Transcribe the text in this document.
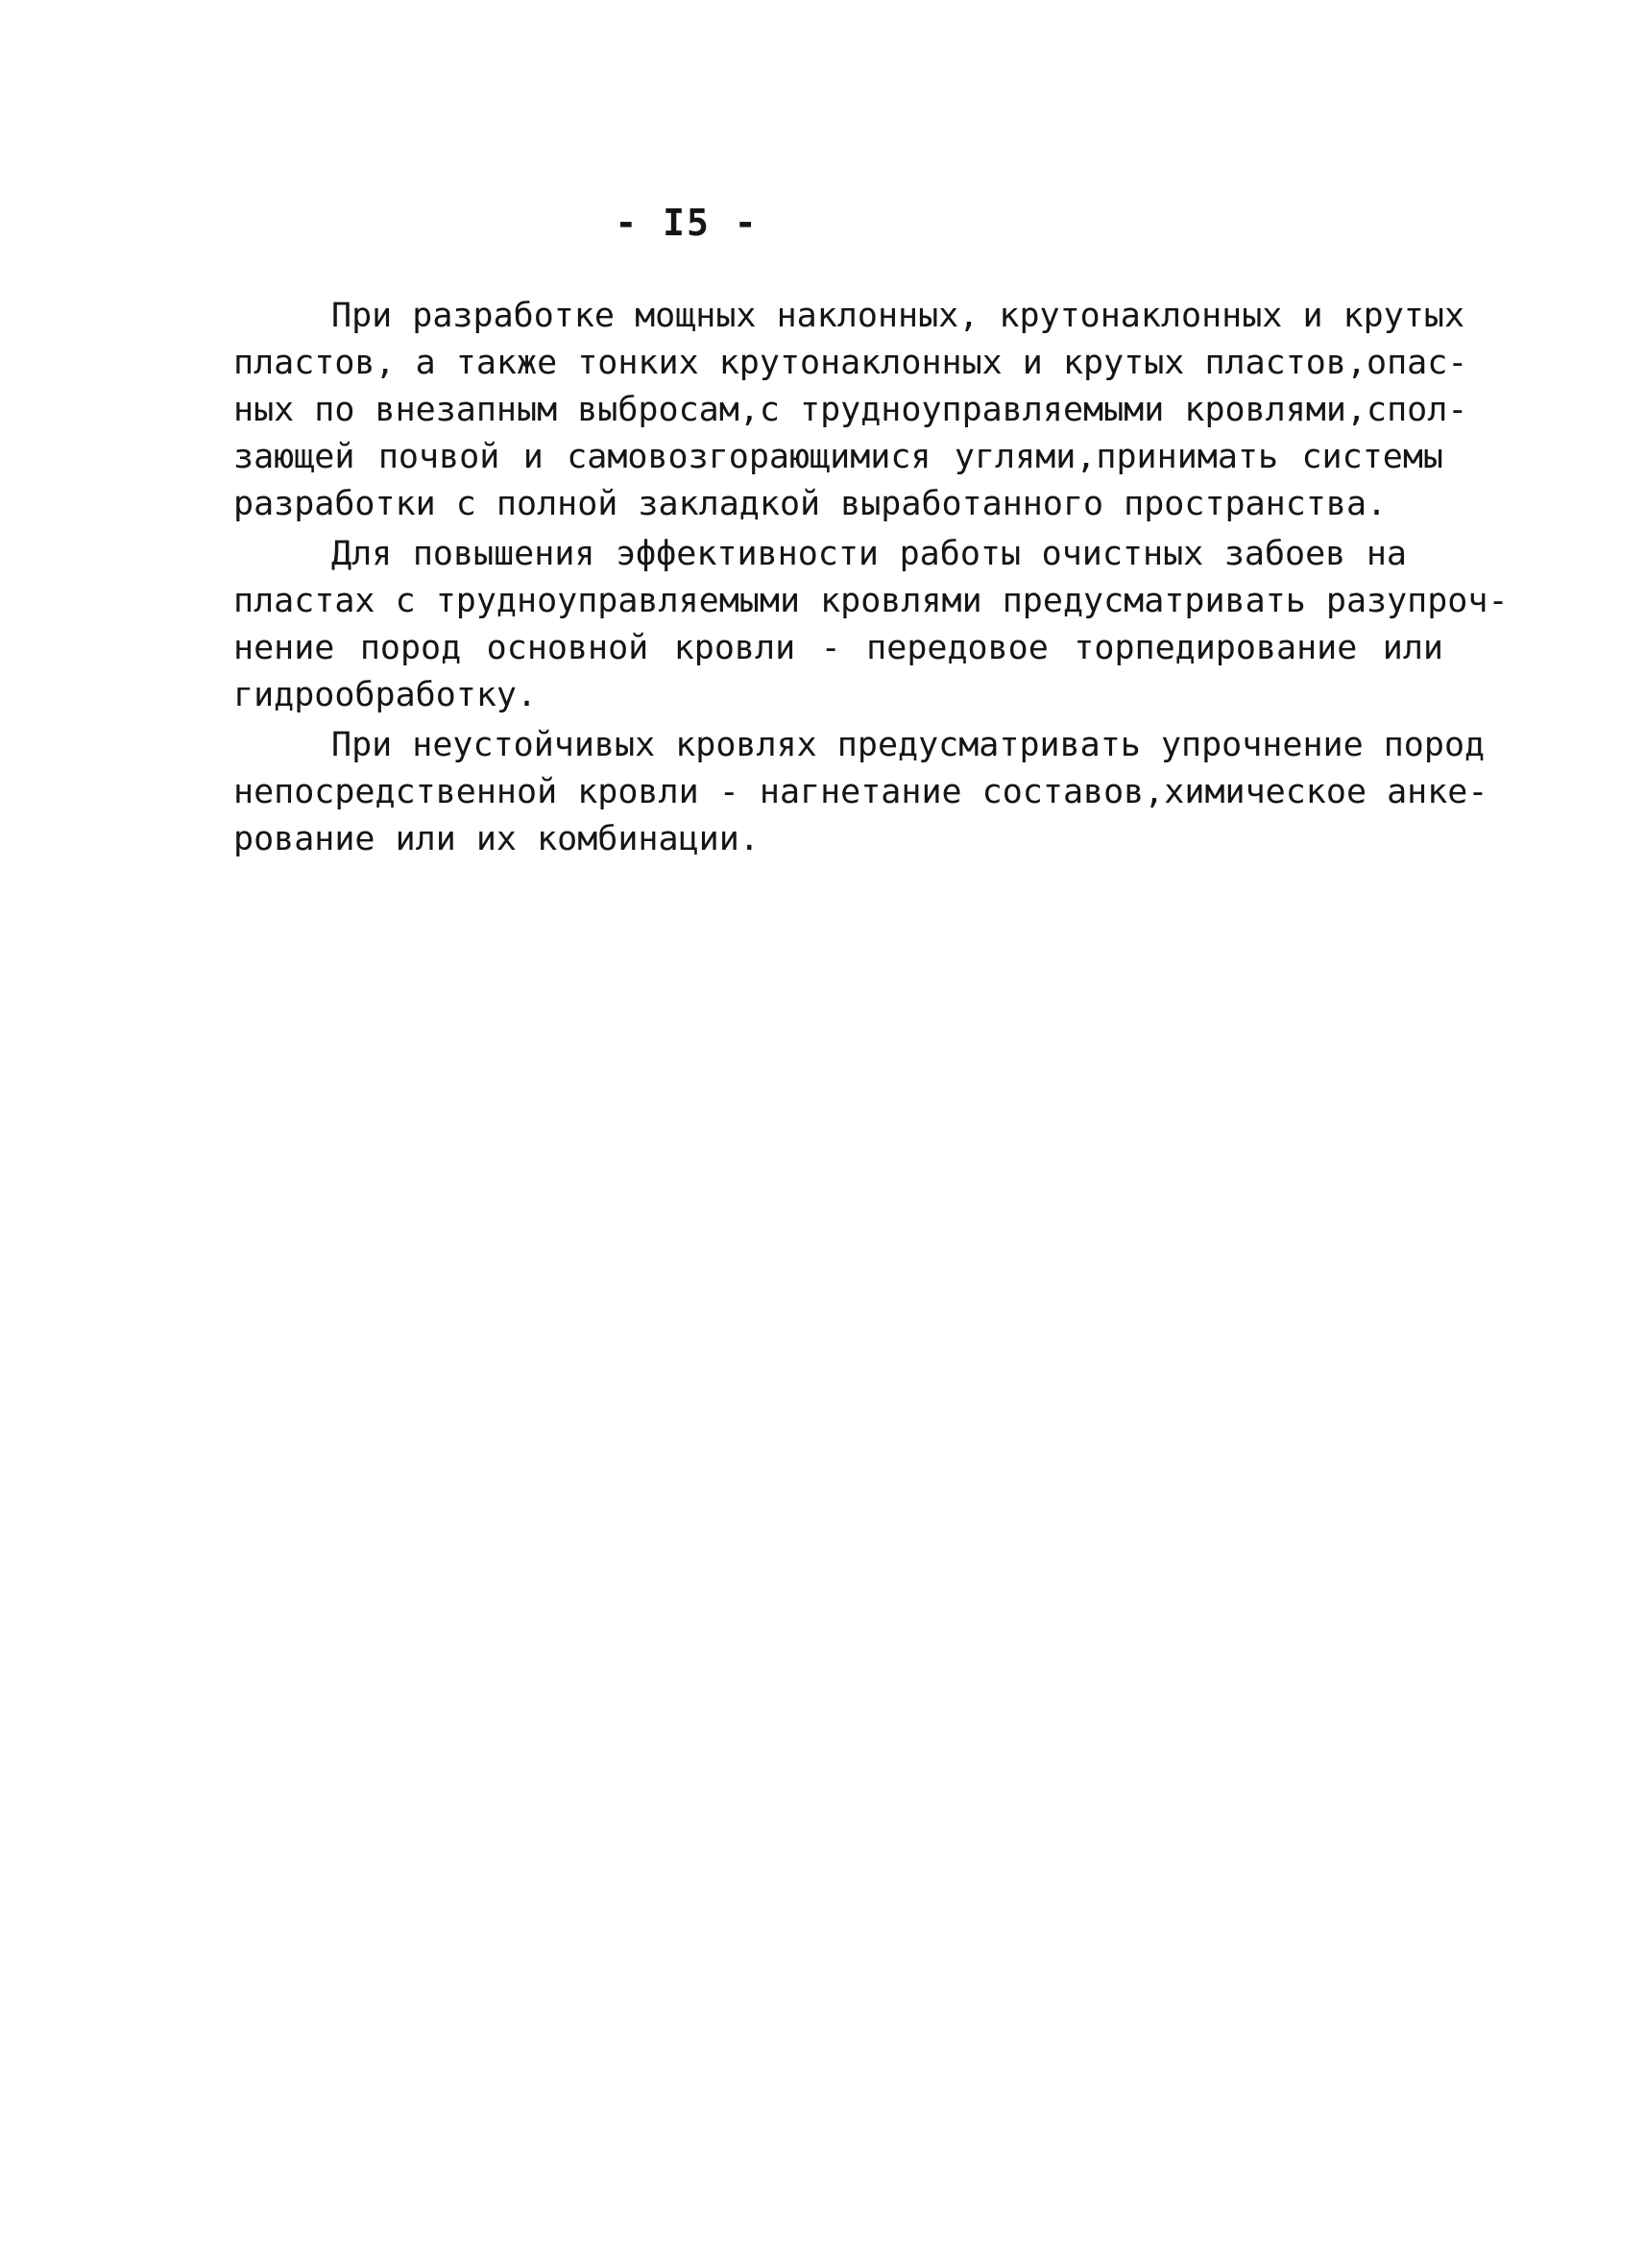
- I5 -
При разработке мощных наклонных, крутонаклонных и крутых
пластов, а также тонких крутонаклонных и крутых пластов,опас-
ных по внезапным выбросам,с трудноуправляемыми кровлями,спол-
зающей почвой и самовозгорающимися углями,принимать системы
разработки с полной закладкой выработанного пространства.
Для повышения эффективности работы очистных забоев на
пластах с трудноуправляемыми кровлями предусматривать разупроч-
нение пород основной кровли - передовое торпедирование или
гидрообработку.
При неустойчивых кровлях предусматривать упрочнение пород
непосредственной кровли - нагнетание составов,химическое анке-
рование или их комбинации.
